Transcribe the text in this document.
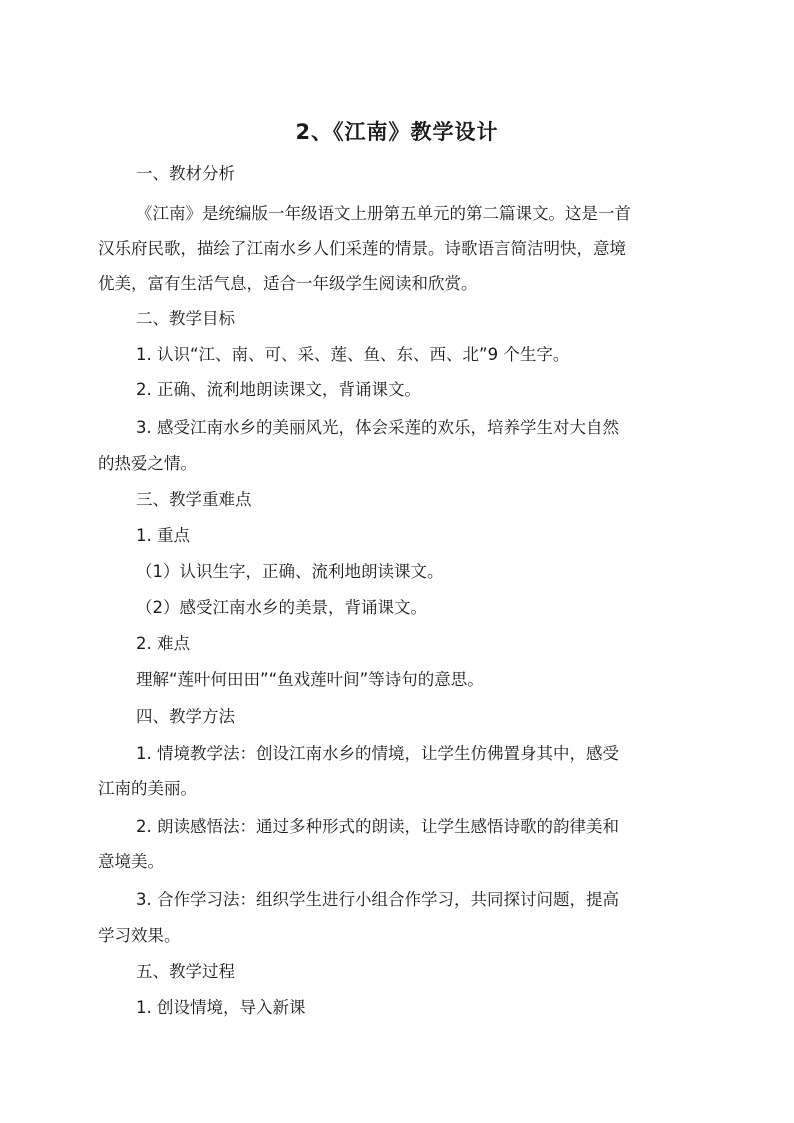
2、《江南》教学设计
一、教材分析
《江南》是统编版一年级语文上册第五单元的第二篇课文。这是一首
汉乐府民歌，描绘了江南水乡人们采莲的情景。诗歌语言简洁明快，意境
优美，富有生活气息，适合一年级学生阅读和欣赏。
二、教学目标
1. 认识“江、南、可、采、莲、鱼、东、西、北”9 个生字。
2. 正确、流利地朗读课文，背诵课文。
3. 感受江南水乡的美丽风光，体会采莲的欢乐，培养学生对大自然
的热爱之情。
三、教学重难点
1. 重点
（1）认识生字，正确、流利地朗读课文。
（2）感受江南水乡的美景，背诵课文。
2. 难点
理解“莲叶何田田”“鱼戏莲叶间”等诗句的意思。
四、教学方法
1. 情境教学法：创设江南水乡的情境，让学生仿佛置身其中，感受
江南的美丽。
2. 朗读感悟法：通过多种形式的朗读，让学生感悟诗歌的韵律美和
意境美。
3. 合作学习法：组织学生进行小组合作学习，共同探讨问题，提高
学习效果。
五、教学过程
1. 创设情境，导入新课
